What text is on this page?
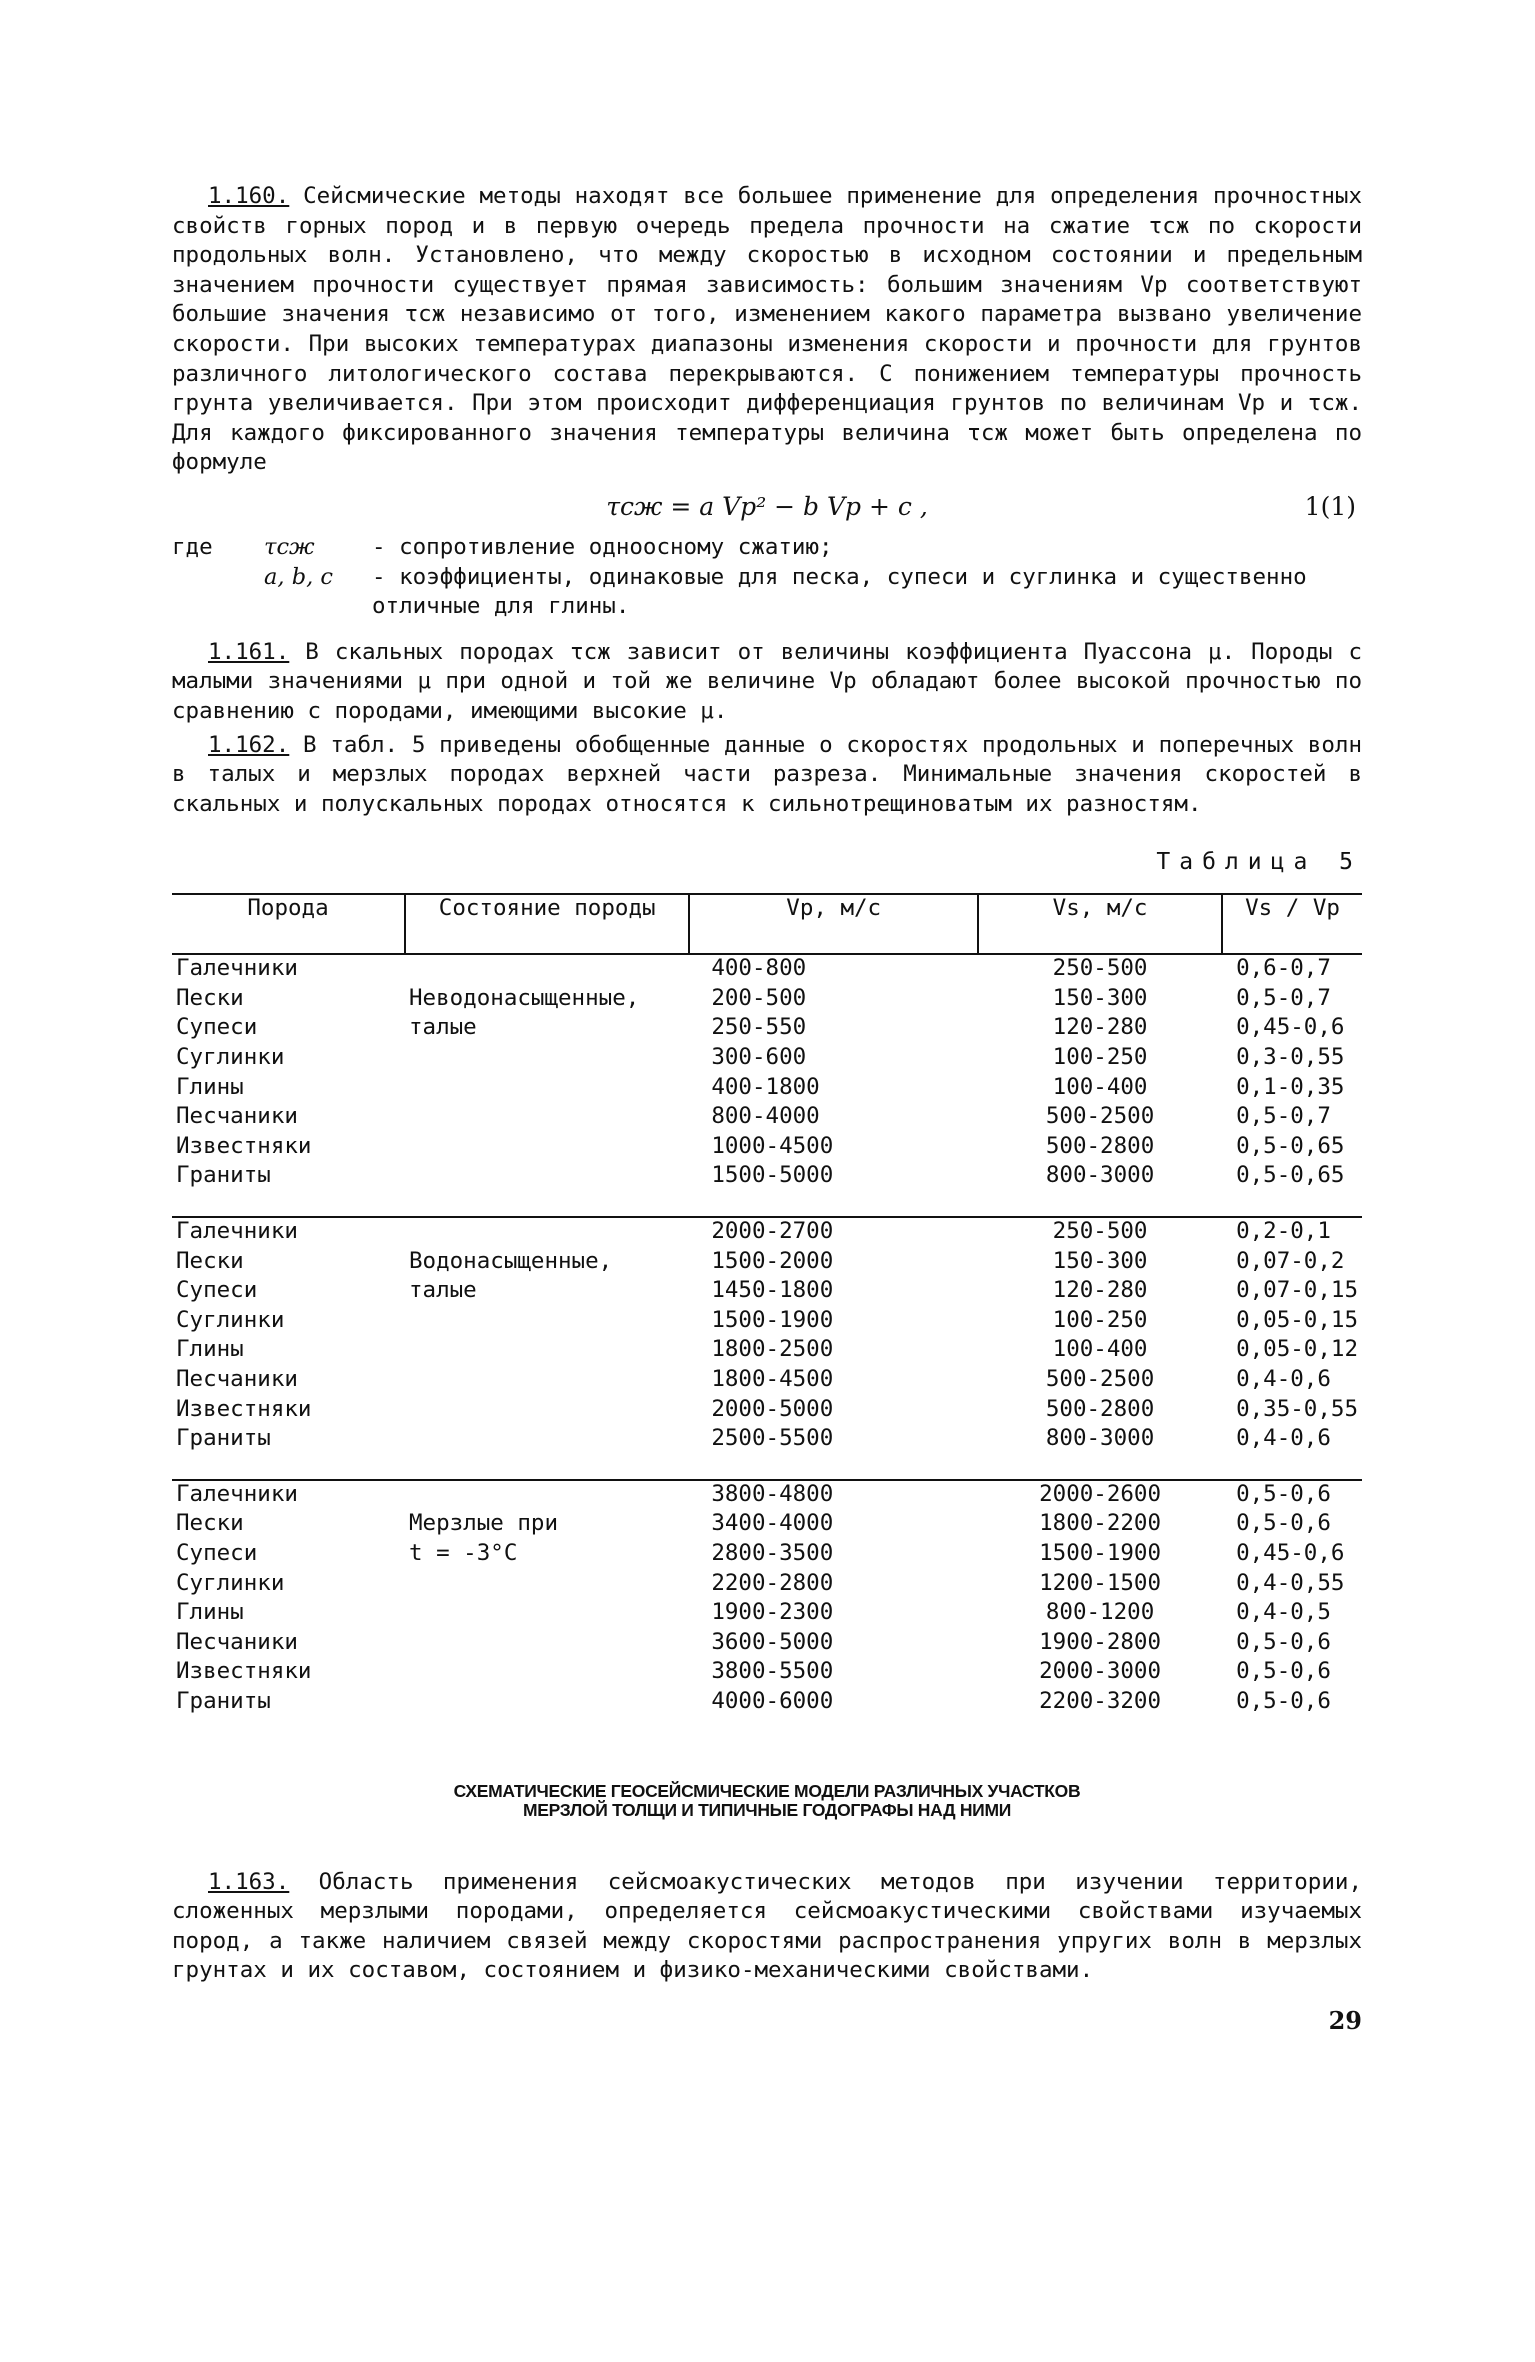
1.160. Сейсмические методы находят все большее применение для определения прочностных свойств горных пород и в первую очередь предела прочности на сжатие τсж по скорости продольных волн. Установлено, что между скоростью в исходном состоянии и предельным значением прочности существует прямая зависимость: большим значениям Vр соответствуют большие значения τсж независимо от того, изменением какого параметра вызвано увеличение скорости. При высоких температурах диапазоны изменения скорости и прочности для грунтов различного литологического состава перекрываются. С понижением температуры прочность грунта увеличивается. При этом происходит дифференциация грунтов по величинам Vр и τсж. Для каждого фиксированного значения температуры величина τсж может быть определена по формуле

τсж = a Vр² − b Vр + c ,	1(1)
где	τсж	- сопротивление одноосному сжатию;
a, b, c	- коэффициенты, одинаковые для песка, супеси и суглинка и существенно отличные для глины.

1.161. В скальных породах τсж зависит от величины коэффициента Пуассона μ. Породы с малыми значениями μ при одной и той же величине Vр обладают более высокой прочностью по сравнению с породами, имеющими высокие μ.

1.162. В табл. 5 приведены обобщенные данные о скоростях продольных и поперечных волн в талых и мерзлых породах верхней части разреза. Минимальные значения скоростей в скальных и полускальных породах относятся к сильнотрещиноватым их разностям.

Таблица 5
Порода	Состояние породы	Vр, м/с	Vs, м/с	Vs / Vр
Галечники		400-800	250-500	0,6-0,7
Пески	Неводонасыщенные,	200-500	150-300	0,5-0,7
Супеси	талые	250-550	120-280	0,45-0,6
Суглинки		300-600	100-250	0,3-0,55
Глины		400-1800	100-400	0,1-0,35
Песчаники		800-4000	500-2500	0,5-0,7
Известняки		1000-4500	500-2800	0,5-0,65
Граниты		1500-5000	800-3000	0,5-0,65

Галечники		2000-2700	250-500	0,2-0,1
Пески	Водонасыщенные,	1500-2000	150-300	0,07-0,2
Супеси	талые	1450-1800	120-280	0,07-0,15
Суглинки		1500-1900	100-250	0,05-0,15
Глины		1800-2500	100-400	0,05-0,12
Песчаники		1800-4500	500-2500	0,4-0,6
Известняки		2000-5000	500-2800	0,35-0,55
Граниты		2500-5500	800-3000	0,4-0,6

Галечники		3800-4800	2000-2600	0,5-0,6
Пески	Мерзлые при	3400-4000	1800-2200	0,5-0,6
Супеси	t = -3°C	2800-3500	1500-1900	0,45-0,6
Суглинки		2200-2800	1200-1500	0,4-0,55
Глины		1900-2300	800-1200	0,4-0,5
Песчаники		3600-5000	1900-2800	0,5-0,6
Известняки		3800-5500	2000-3000	0,5-0,6
Граниты		4000-6000	2200-3200	0,5-0,6
СХЕМАТИЧЕСКИЕ ГЕОСЕЙСМИЧЕСКИЕ МОДЕЛИ РАЗЛИЧНЫХ УЧАСТКОВ
МЕРЗЛОЙ ТОЛЩИ И ТИПИЧНЫЕ ГОДОГРАФЫ НАД НИМИ

1.163. Область применения сейсмоакустических методов при изучении территории, сложенных мерзлыми породами, определяется сейсмоакустическими свойствами изучаемых пород, а также наличием связей между скоростями распространения упругих волн в мерзлых грунтах и их составом, состоянием и физико-механическими свойствами.

29
